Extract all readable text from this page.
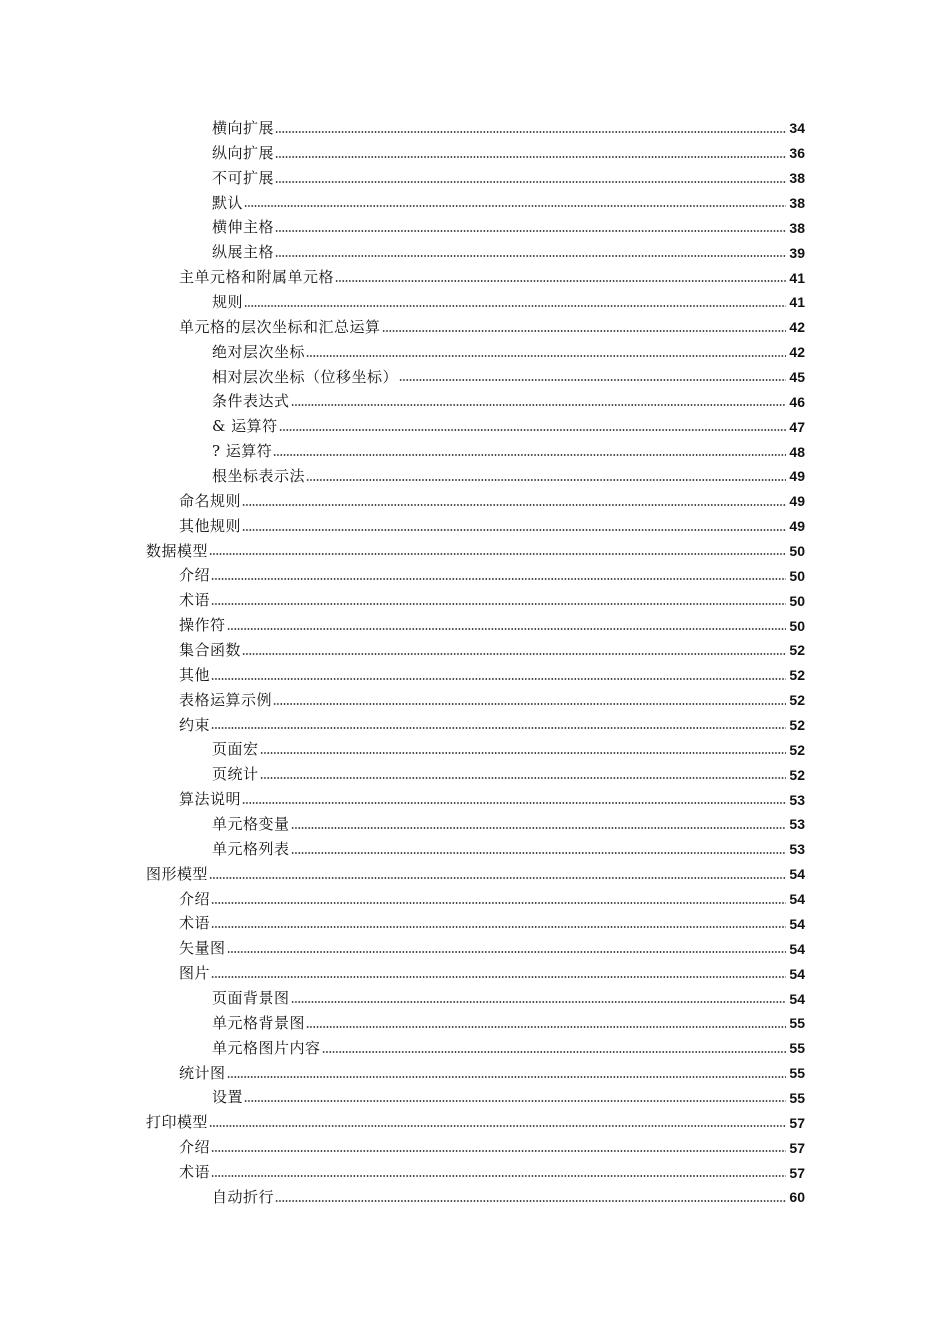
横向扩展	34
纵向扩展	36
不可扩展	38
默认	38
横伸主格	38
纵展主格	39
主单元格和附属单元格	41
规则	41
单元格的层次坐标和汇总运算	42
绝对层次坐标	42
相对层次坐标（位移坐标）	45
条件表达式	46
& 运算符	47
? 运算符	48
根坐标表示法	49
命名规则	49
其他规则	49
数据模型	50
介绍	50
术语	50
操作符	50
集合函数	52
其他	52
表格运算示例	52
约束	52
页面宏	52
页统计	52
算法说明	53
单元格变量	53
单元格列表	53
图形模型	54
介绍	54
术语	54
矢量图	54
图片	54
页面背景图	54
单元格背景图	55
单元格图片内容	55
统计图	55
设置	55
打印模型	57
介绍	57
术语	57
自动折行	60
